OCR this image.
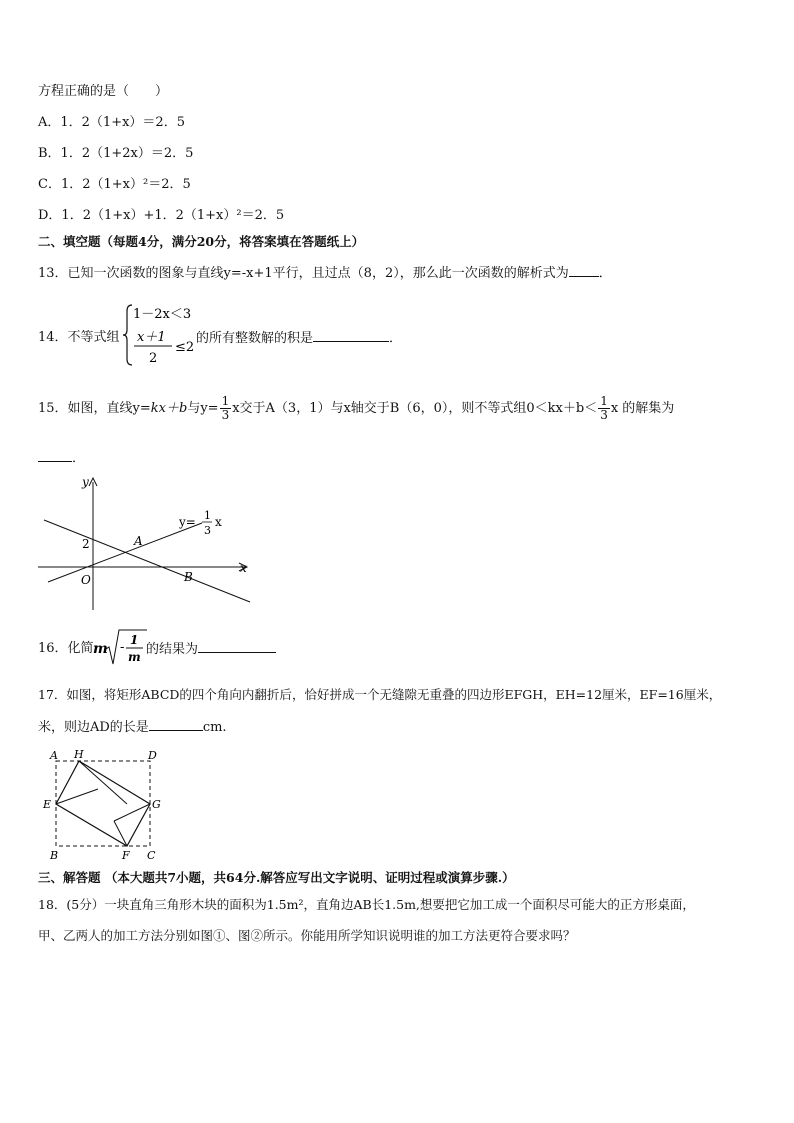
方程正确的是（　　）
A．1．2（1+x）＝2．5
B．1．2（1+2x）＝2．5
C．1．2（1+x）²＝2．5
D．1．2（1+x）+1．2（1+x）²＝2．5
二、填空题（每题4分，满分20分，将答案填在答题纸上）
13．已知一次函数的图象与直线y=-x+1平行，且过点（8，2），那么此一次函数的解析式为 ．
14．不等式组
1－2x＜3
x＋1
2
≤2
的所有整数解的积是	．
15．如图，直线y=kx＋b与$y= \frac{1}{3}$ x交于A（3，1）与x轴交于B（6，0），则不等式组$0<kx+b< \frac{1}{3}$ x 的解集为
．
y
x
2
O
A
B
y= 1
3
x
16．化简 m - 1
m 的结果为
17．如图，将矩形ABCD的四个角向内翻折后，恰好拼成一个无缝隙无重叠的四边形EFGH，EH=12厘米，EF=16厘米，
米，则边AD的长是	cm.
A H	D
E	G
B	F C
三、解答题 （本大题共7小题，共64分.解答应写出文字说明、证明过程或演算步骤.）
18．(5分）一块直角三角形木块的面积为1.5m²，直角边AB长1.5m,想要把它加工成一个面积尽可能大的正方形桌面，
甲、乙两人的加工方法分别如图①、图②所示。你能用所学知识说明谁的加工方法更符合要求吗？
